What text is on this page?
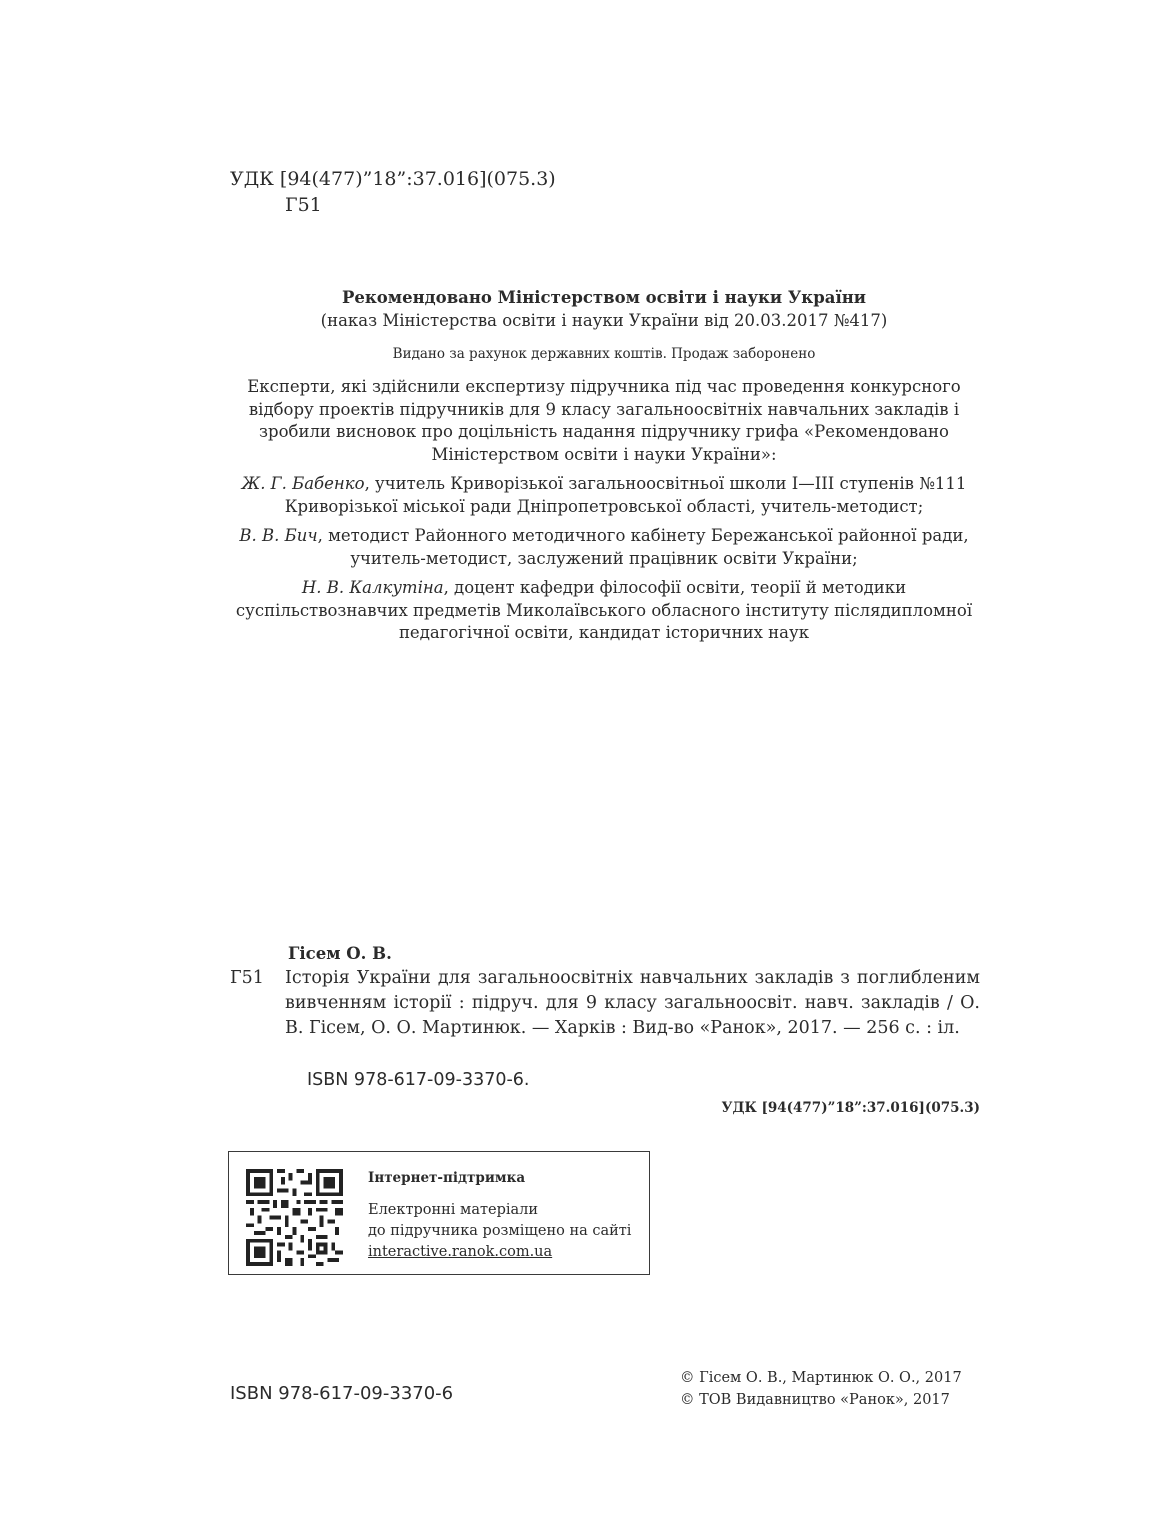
УДК [94(477)”18”:37.016](075.3)
Г51
Рекомендовано Міністерством освіти і науки України
(наказ Міністерства освіти і науки України від 20.03.2017 №417)
Видано за рахунок державних коштів. Продаж заборонено
Експерти, які здійснили експертизу підручника під час проведення конкурсного відбору проектів підручників для 9 класу загальноосвітніх навчальних закладів і зробили висновок про доцільність надання підручнику грифа «Рекомендовано Міністерством освіти і науки України»:
Ж. Г. Бабенко, учитель Криворізької загальноосвітньої школи І—ІІІ ступенів №111 Криворізької міської ради Дніпропетровської області, учитель-методист;
В. В. Бич, методист Районного методичного кабінету Бережанської районної ради, учитель-методист, заслужений працівник освіти України;
Н. В. Калкутіна, доцент кафедри філософії освіти, теорії й методики суспільствознавчих предметів Миколаївського обласного інституту післядипломної педагогічної освіти, кандидат історичних наук
Гісем О. В.
Г51 Історія України для загальноосвітніх навчальних закладів з поглибленим вивченням історії : підруч. для 9 класу загальноосвіт. навч. закладів / О. В. Гісем, О. О. Мартинюк. — Харків : Вид-во «Ранок», 2017. — 256 с. : іл.
ISBN 978-617-09-3370-6.
УДК [94(477)”18”:37.016](075.3)
Інтернет-підтримка
Електронні матеріали
до підручника розміщено на сайті
interactive.ranok.com.ua
ISBN 978-617-09-3370-6
© Гісем О. В., Мартинюк О. О., 2017
© ТОВ Видавництво «Ранок», 2017
